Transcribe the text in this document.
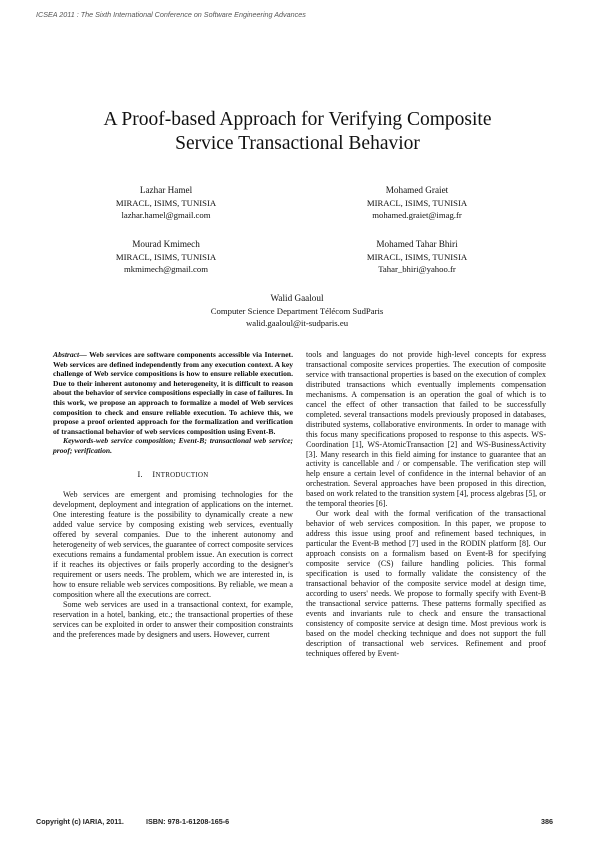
ICSEA 2011 : The Sixth International Conference on Software Engineering Advances
A Proof-based Approach for Verifying Composite
Service Transactional Behavior
Lazhar Hamel
MIRACL, ISIMS, TUNISIA
lazhar.hamel@gmail.com
Mohamed Graiet
MIRACL, ISIMS, TUNISIA
mohamed.graiet@imag.fr
Mourad Kmimech
MIRACL, ISIMS, TUNISIA
mkmimech@gmail.com
Mohamed Tahar Bhiri
MIRACL, ISIMS, TUNISIA
Tahar_bhiri@yahoo.fr
Walid Gaaloul
Computer Science Department Télécom SudParis
walid.gaaloul@it-sudparis.eu

Abstract— Web services are software components accessible via Internet. Web services are defined independently from any execution context. A key challenge of Web service compositions is how to ensure reliable execution. Due to their inherent autonomy and heterogeneity, it is difficult to reason about the behavior of service compositions especially in case of failures. In this work, we propose an approach to formalize a model of Web services composition to check and ensure reliable execution. To achieve this, we propose a proof oriented approach for the formalization and verification of transactional behavior of web services composition using Event-B.

Keywords-web service composition; Event-B; transactional web service; proof; verification.

I. INTRODUCTION

Web services are emergent and promising technologies for the development, deployment and integration of applications on the internet. One interesting feature is the possibility to dynamically create a new added value service by composing existing web services, eventually offered by several companies. Due to the inherent autonomy and heterogeneity of web services, the guarantee of correct composite services executions remains a fundamental problem issue. An execution is correct if it reaches its objectives or fails properly according to the designer's requirement or users needs. The problem, which we are interested in, is how to ensure reliable web services compositions. By reliable, we mean a composition where all the executions are correct.

Some web services are used in a transactional context, for example, reservation in a hotel, banking, etc.; the transactional properties of these services can be exploited in order to answer their composition constraints and the preferences made by designers and users. However, current

tools and languages do not provide high-level concepts for express transactional composite services properties. The execution of composite service with transactional properties is based on the execution of complex distributed transactions which eventually implements compensation mechanisms. A compensation is an operation the goal of which is to cancel the effect of other transaction that failed to be successfully completed. several transactions models previously proposed in databases, distributed systems, collaborative environments. In order to manage with this focus many specifications proposed to response to this aspects. WS-Coordination [1], WS-AtomicTransaction [2] and WS-BusinessActivity [3]. Many research in this field aiming for instance to guarantee that an activity is cancellable and / or compensable. The verification step will help ensure a certain level of confidence in the internal behavior of an orchestration. Several approaches have been proposed in this direction, based on work related to the transition system [4], process algebras [5], or the temporal theories [6].

Our work deal with the formal verification of the transactional behavior of web services composition. In this paper, we propose to address this issue using proof and refinement based techniques, in particular the Event-B method [7] used in the RODIN platform [8]. Our approach consists on a formalism based on Event-B for specifying composite service (CS) failure handling policies. This formal specification is used to formally validate the consistency of the transactional behavior of the composite service model at design time, according to users' needs. We propose to formally specify with Event-B the transactional service patterns. These patterns formally specified as events and invariants rule to check and ensure the transactional consistency of composite service at design time. Most previous work is based on the model checking technique and does not support the full description of transactional web services. Refinement and proof techniques offered by Event-

Copyright (c) IARIA, 2011.	ISBN: 978-1-61208-165-6	386
